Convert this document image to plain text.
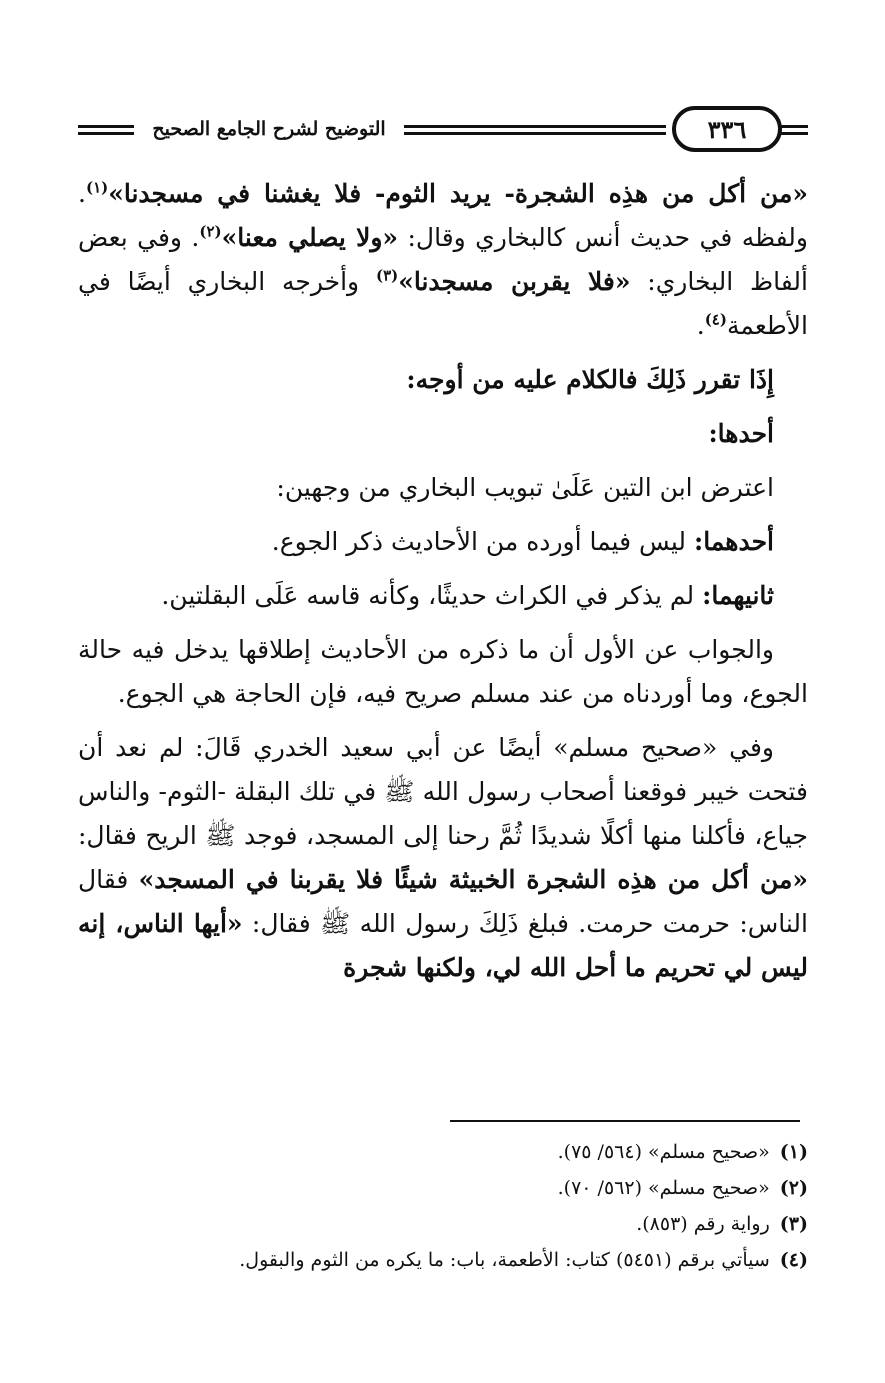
التوضيح لشرح الجامع الصحيح	٣٣٦

«من أكل من هذِه الشجرة- يريد الثوم- فلا يغشنا في مسجدنا»$^{(١)}$. ولفظه في حديث أنس كالبخاري وقال: «ولا يصلي معنا»$^{(٢)}$. وفي بعض ألفاظ البخاري: «فلا يقربن مسجدنا»$^{(٣)}$ وأخرجه البخاري أيضًا في الأطعمة$^{(٤)}$.

إِذَا تقرر ذَلِكَ فالكلام عليه من أوجه:

أحدها:

اعترض ابن التين عَلَىٰ تبويب البخاري من وجهين:

أحدهما: ليس فيما أورده من الأحاديث ذكر الجوع.

ثانيهما: لم يذكر في الكراث حديثًا، وكأنه قاسه عَلَى البقلتين.

والجواب عن الأول أن ما ذكره من الأحاديث إطلاقها يدخل فيه حالة الجوع، وما أوردناه من عند مسلم صريح فيه، فإن الحاجة هي الجوع.

وفي «صحيح مسلم» أيضًا عن أبي سعيد الخدري قَالَ: لم نعد أن فتحت خيبر فوقعنا أصحاب رسول الله ﷺ في تلك البقلة -الثوم- والناس جياع، فأكلنا منها أكلًا شديدًا ثُمَّ رحنا إلى المسجد، فوجد ﷺ الريح فقال: «من أكل من هذِه الشجرة الخبيثة شيئًا فلا يقربنا في المسجد» فقال الناس: حرمت حرمت. فبلغ ذَلِكَ رسول الله ﷺ فقال: «أيها الناس، إنه ليس لي تحريم ما أحل الله لي، ولكنها شجرة

(١)«صحيح مسلم» (٥٦٤/ ٧٥).

(٢)«صحيح مسلم» (٥٦٢/ ٧٠).

(٣)رواية رقم (٨٥٣).

(٤)سيأتي برقم (٥٤٥١) كتاب: الأطعمة، باب: ما يكره من الثوم والبقول.
